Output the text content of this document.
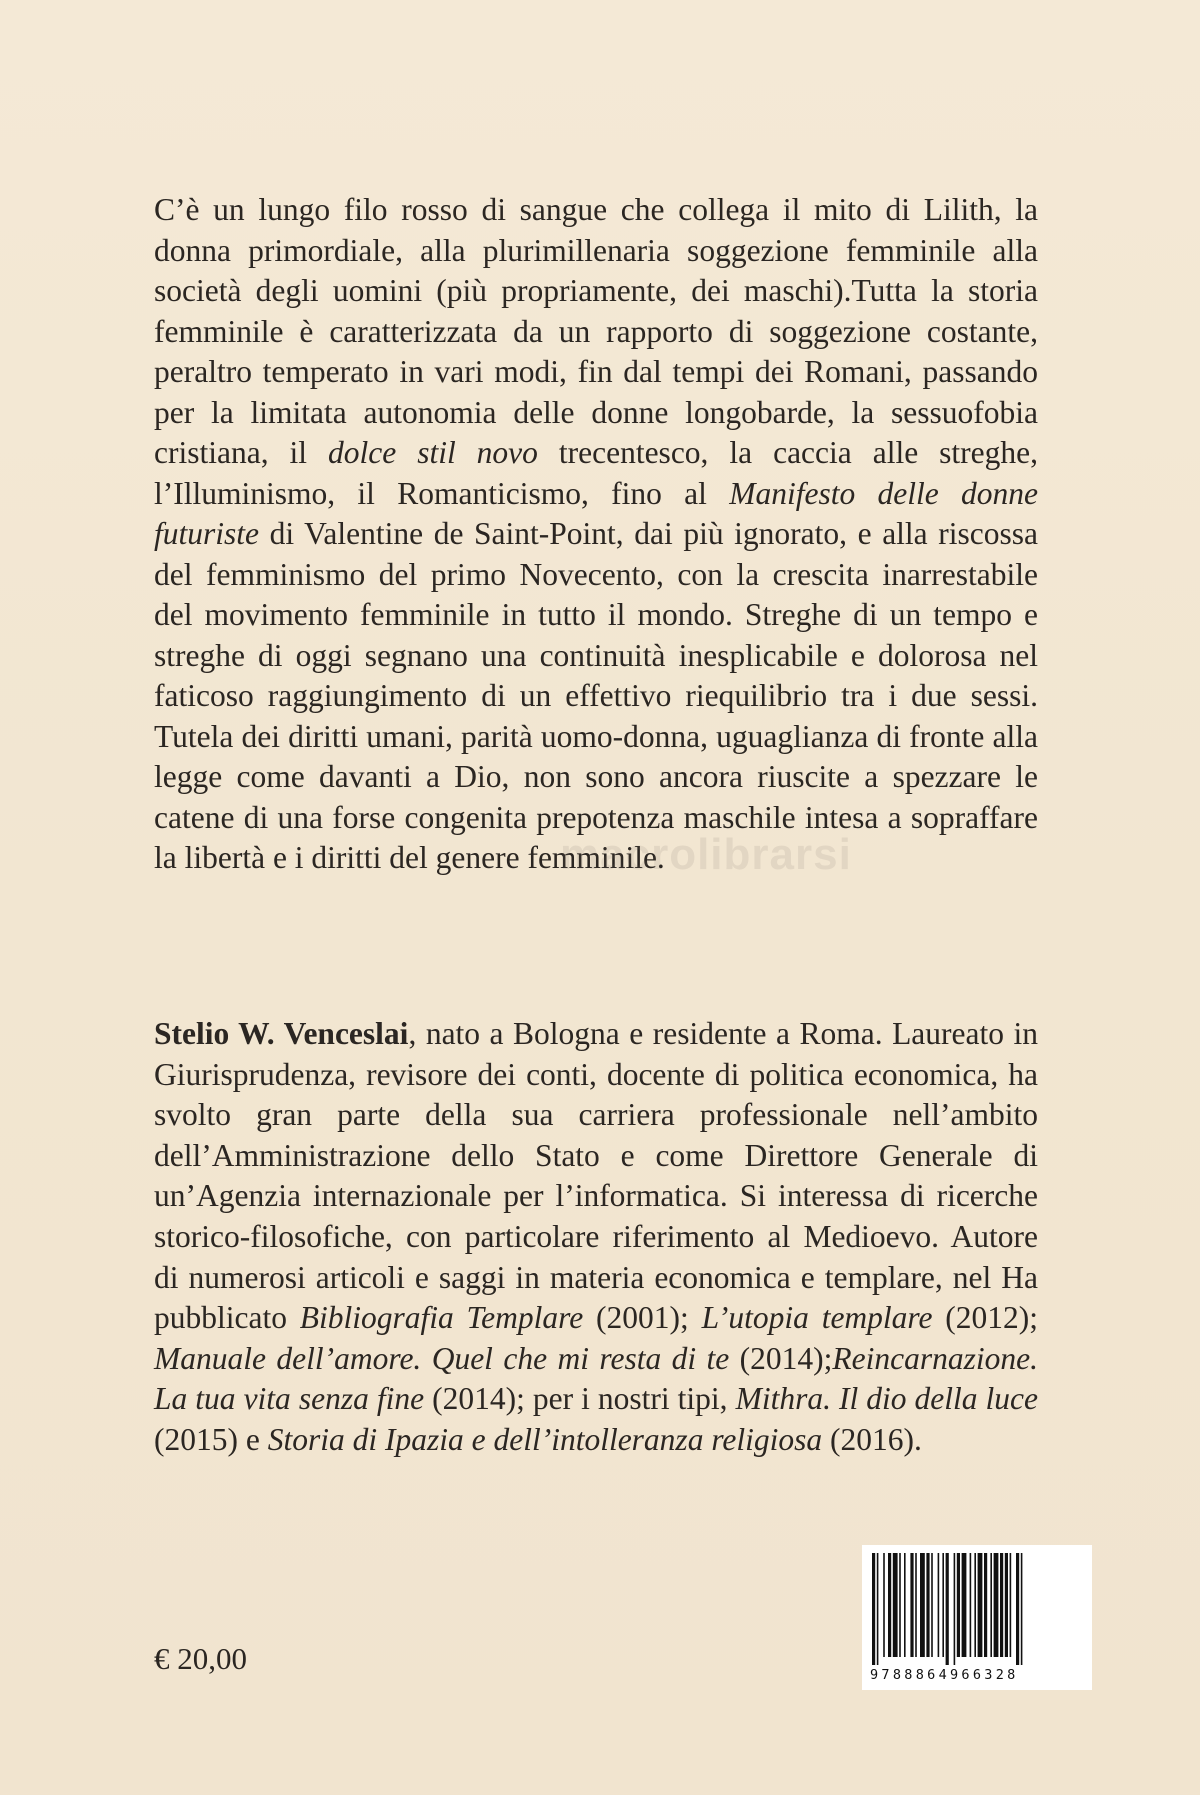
C’è un lungo filo rosso di sangue che collega il mito di Lilith, la donna primordiale, alla plurimillenaria soggezione femminile alla società degli uomini (più propriamente, dei maschi).Tutta la storia femminile è caratterizzata da un rapporto di soggezione costante, peraltro temperato in vari modi, fin dal tempi dei Romani, passando per la limitata autonomia delle donne longobarde, la sessuofobia cristiana, il dolce stil novo trecentesco, la caccia alle streghe, l’Illuminismo, il Romanticismo, fino al Manifesto delle donne futuriste di Valentine de Saint-Point, dai più ignorato, e alla riscossa del femminismo del primo Novecento, con la crescita inarrestabile del movimento femminile in tutto il mondo. Streghe di un tempo e streghe di oggi segnano una continuità inesplicabile e dolorosa nel faticoso raggiungimento di un effettivo riequilibrio tra i due sessi. Tutela dei diritti umani, parità uomo-donna, uguaglianza di fronte alla legge come davanti a Dio, non sono ancora riuscite a spezzare le catene di una forse congenita prepotenza maschile intesa a sopraffare la libertà e i diritti del genere femminile.

macrolibrarsi

Stelio W. Venceslai, nato a Bologna e residente a Roma. Laureato in Giurisprudenza, revisore dei conti, docente di politica economica, ha svolto gran parte della sua carriera professionale nell’ambito dell’Amministrazione dello Stato e come Direttore Generale di un’Agenzia internazionale per l’informatica. Si interessa di ricerche storico-filosofiche, con particolare riferimento al Medioevo. Autore di numerosi articoli e saggi in materia economica e templare, nel Ha pubblicato Bibliografia Templare (2001); L’utopia templare (2012); Manuale dell’amore. Quel che mi resta di te (2014);Reincarnazione. La tua vita senza fine (2014); per i nostri tipi, Mithra. Il dio della luce (2015) e Storia di Ipazia e dell’intolleranza religiosa (2016).

€ 20,00	9788864966328
